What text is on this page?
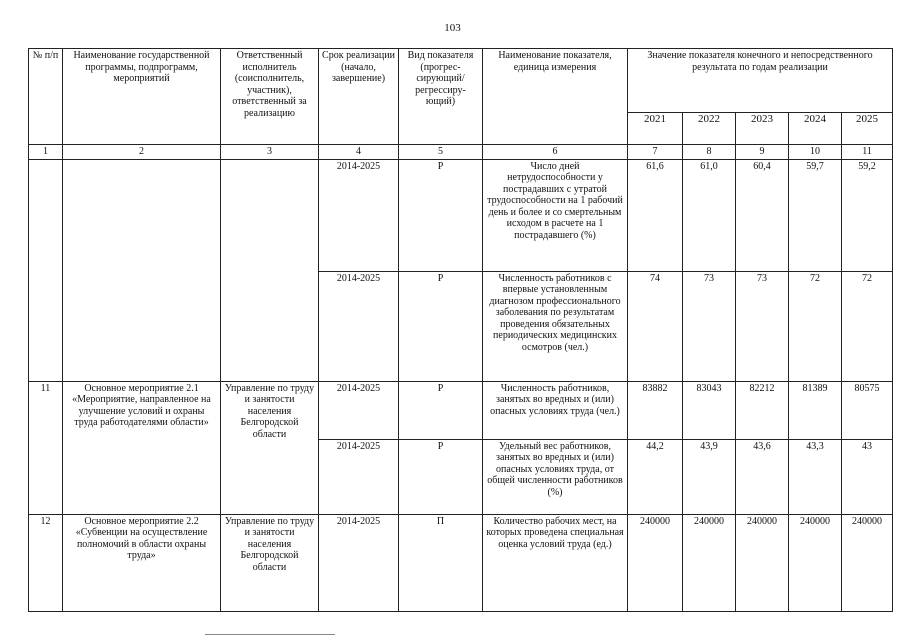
103
№ п/п	Наименование государственной программы, подпрограмм, мероприятий	Ответственный исполнитель (соисполнитель, участник), ответственный за реализацию	Срок реализации (начало, завершение)	Вид показателя (прогрес-сирующий/ регрессиру-ющий)	Наименование показателя, единица измерения	Значение показателя конечного и непосредственного результата по годам реализации				
						2021	2022	2023	2024	2025
1	2	3	4	5	6	7	8	9	10	11
			2014-2025	Р	Число дней нетрудоспособности у пострадавших с утратой трудоспособности на 1 рабочий день и более и со смертельным исходом в расчете на 1 пострадавшего (%)	61,6	61,0	60,4	59,7	59,2
			2014-2025	Р	Численность работников с впервые установленным диагнозом профессионального заболевания по результатам проведения обязательных периодических медицинских осмотров (чел.)	74	73	73	72	72
11	Основное мероприятие 2.1 «Мероприятие, направленное на улучшение условий и охраны труда работодателями области»	Управление по труду и занятости населения Белгородской области	2014-2025	Р	Численность работников, занятых во вредных и (или) опасных условиях труда (чел.)	83882	83043	82212	81389	80575
			2014-2025	Р	Удельный вес работников, занятых во вредных и (или) опасных условиях труда, от общей численности работников (%)	44,2	43,9	43,6	43,3	43
12	Основное мероприятие 2.2 «Субвенции на осуществление полномочий в области охраны труда»	Управление по труду и занятости населения Белгородской области	2014-2025	П	Количество рабочих мест, на которых проведена специальная оценка условий труда (ед.)	240000	240000	240000	240000	240000
